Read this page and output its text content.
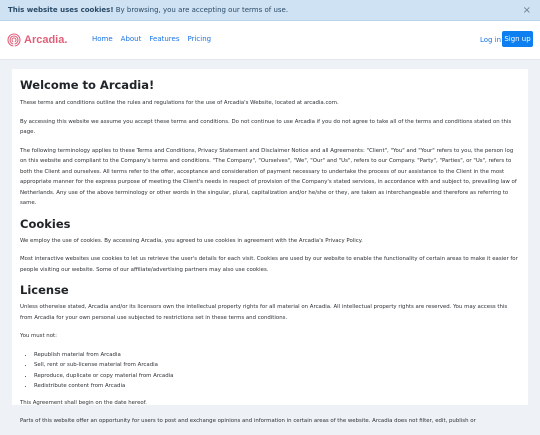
This website uses cookies! By browsing, you are accepting our terms of use.	×
Arcadia.	Home About Features Pricing	Log in Sign up
Welcome to Arcadia!

These terms and conditions outline the rules and regulations for the use of Arcadia's Website, located at arcadia.com.

By accessing this website we assume you accept these terms and conditions. Do not continue to use Arcadia if you do not agree to take all of the terms and conditions stated on this page.

The following terminology applies to these Terms and Conditions, Privacy Statement and Disclaimer Notice and all Agreements: "Client", "You" and "Your" refers to you, the person log on this website and compliant to the Company's terms and conditions. "The Company", "Ourselves", "We", "Our" and "Us", refers to our Company. "Party", "Parties", or "Us", refers to both the Client and ourselves. All terms refer to the offer, acceptance and consideration of payment necessary to undertake the process of our assistance to the Client in the most appropriate manner for the express purpose of meeting the Client's needs in respect of provision of the Company's stated services, in accordance with and subject to, prevailing law of Netherlands. Any use of the above terminology or other words in the singular, plural, capitalization and/or he/she or they, are taken as interchangeable and therefore as referring to same.

Cookies

We employ the use of cookies. By accessing Arcadia, you agreed to use cookies in agreement with the Arcadia's Privacy Policy.

Most interactive websites use cookies to let us retrieve the user's details for each visit. Cookies are used by our website to enable the functionality of certain areas to make it easier for people visiting our website. Some of our affiliate/advertising partners may also use cookies.

License

Unless otherwise stated, Arcadia and/or its licensors own the intellectual property rights for all material on Arcadia. All intellectual property rights are reserved. You may access this from Arcadia for your own personal use subjected to restrictions set in these terms and conditions.

You must not:

• Republish material from Arcadia
• Sell, rent or sub-license material from Arcadia
• Reproduce, duplicate or copy material from Arcadia
• Redistribute content from Arcadia

This Agreement shall begin on the date hereof.

Parts of this website offer an opportunity for users to post and exchange opinions and information in certain areas of the website. Arcadia does not filter, edit, publish or
